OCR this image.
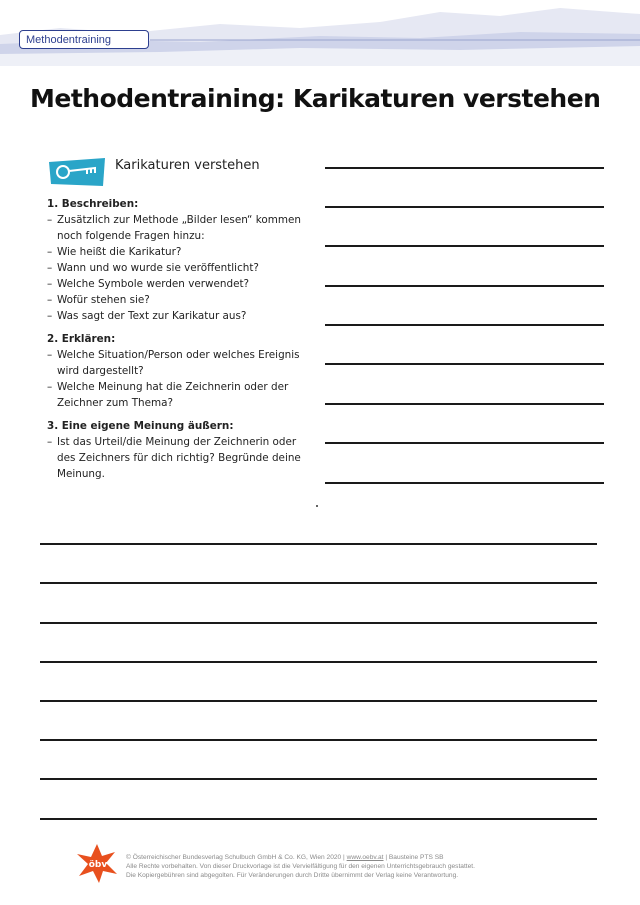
Methodentraining
Methodentraining: Karikaturen verstehen
Karikaturen verstehen

1. Beschreiben:

– Zusätzlich zur Methode „Bilder lesen“ kommen noch folgende Fragen hinzu:
– Wie heißt die Karikatur?
– Wann und wo wurde sie veröffentlicht?
– Welche Symbole werden verwendet?
– Wofür stehen sie?
– Was sagt der Text zur Karikatur aus?

2. Erklären:

– Welche Situation/Person oder welches Ereignis wird dargestellt?
– Welche Meinung hat die Zeichnerin oder der Zeichner zum Thema?

3. Eine eigene Meinung äußern:

– Ist das Urteil/die Meinung der Zeichnerin oder des Zeichners für dich richtig? Begründe deine Meinung.
öbv

© Österreichischer Bundesverlag Schulbuch GmbH & Co. KG, Wien 2020 | www.oebv.at | Bausteine PTS SB

Alle Rechte vorbehalten. Von dieser Druckvorlage ist die Vervielfältigung für den eigenen Unterrichtsgebrauch gestattet.

Die Kopiergebühren sind abgegolten. Für Veränderungen durch Dritte übernimmt der Verlag keine Verantwortung.
